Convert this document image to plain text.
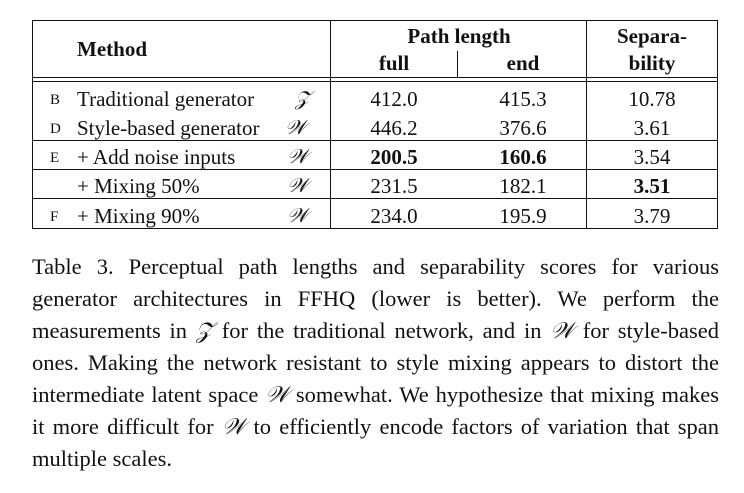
Method
Path length
full	end
Separa-
bility
B Traditional generator 𝒵	412.0	415.3	10.78
D Style-based generator 𝒲	446.2	376.6	3.61
E + Add noise inputs	𝒲	200.5	160.6	3.54
+ Mixing 50%	𝒲	231.5	182.1	3.51
F + Mixing 90%	𝒲	234.0	195.9	3.79

Table 3. Perceptual path lengths and separability scores for various generator architectures in FFHQ (lower is better). We perform the measurements in 𝒵 for the traditional network, and in 𝒲 for style-based ones. Making the network resistant to style mixing appears to distort the intermediate latent space 𝒲 somewhat. We hypothesize that mixing makes it more difficult for 𝒲 to efficiently encode factors of variation that span multiple scales.
